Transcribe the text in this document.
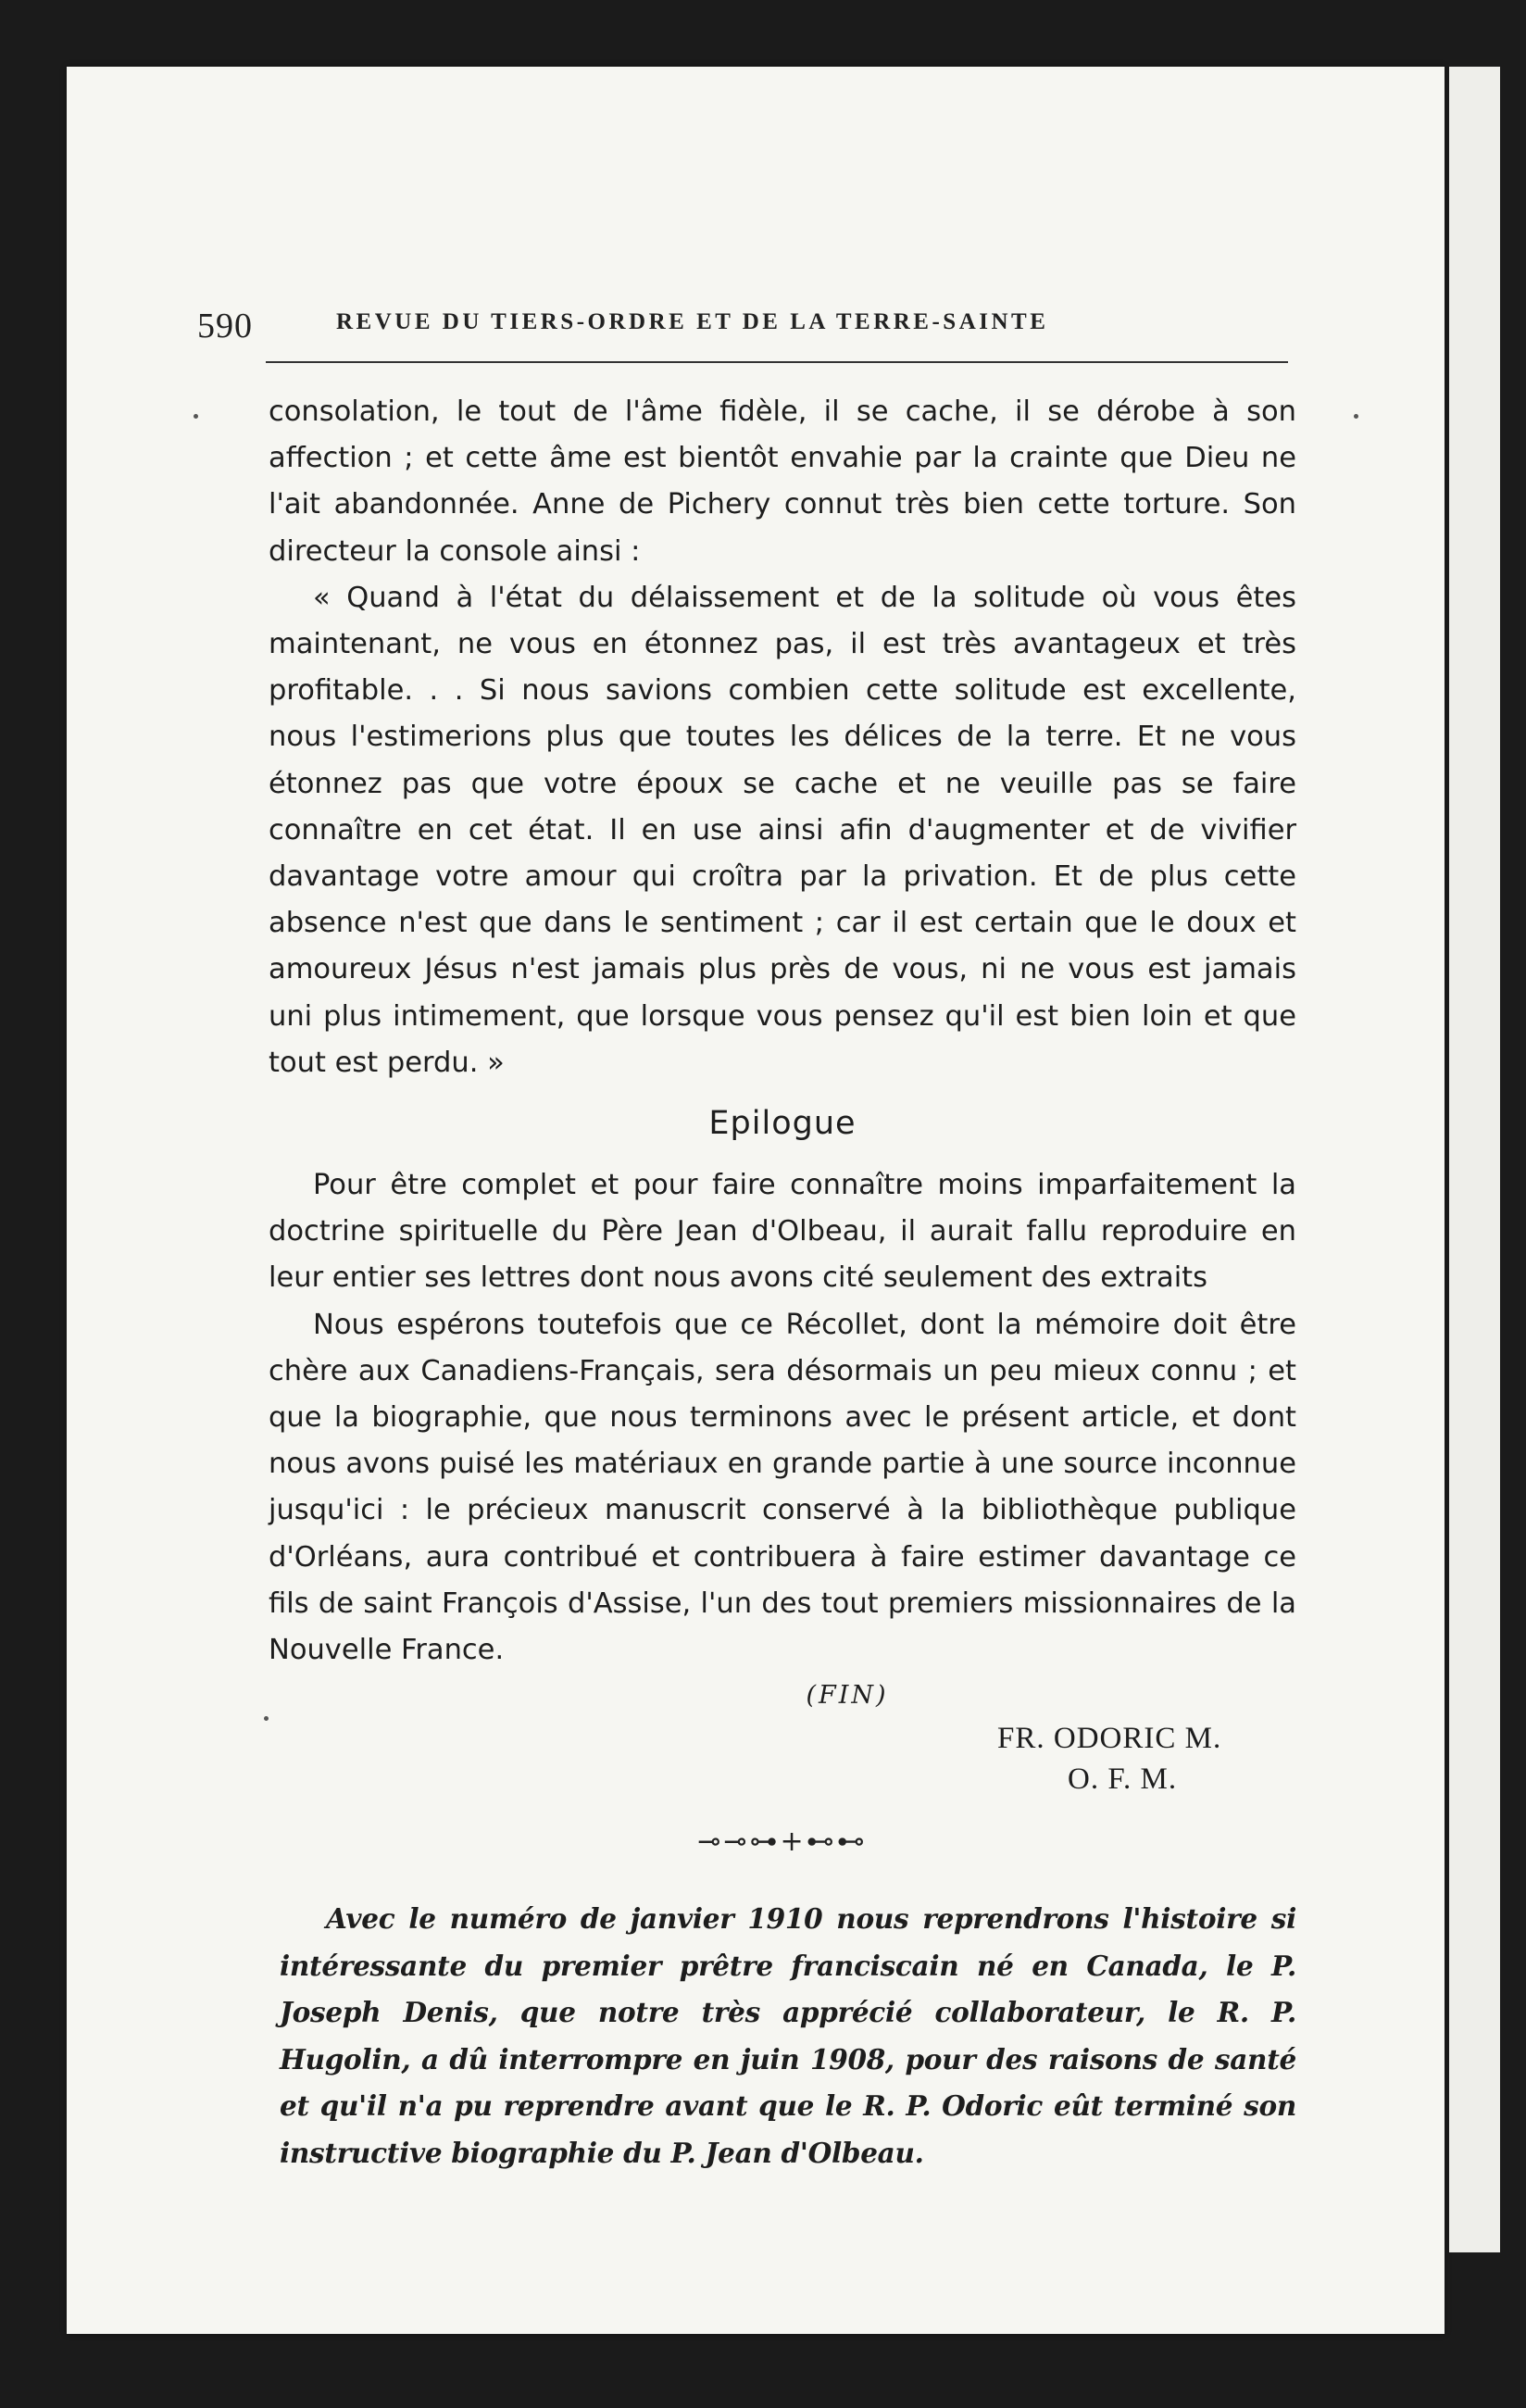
590	REVUE DU TIERS-ORDRE ET DE LA TERRE-SAINTE

consolation, le tout de l'âme fidèle, il se cache, il se dérobe à son affection ; et cette âme est bientôt envahie par la crainte que Dieu ne l'ait abandonnée. Anne de Pichery connut très bien cette torture. Son directeur la console ainsi :

« Quand à l'état du délaissement et de la solitude où vous êtes maintenant, ne vous en étonnez pas, il est très avantageux et très profitable. . . Si nous savions combien cette solitude est excellente, nous l'estimerions plus que toutes les délices de la terre. Et ne vous étonnez pas que votre époux se cache et ne veuille pas se faire connaître en cet état. Il en use ainsi afin d'augmenter et de vivifier davantage votre amour qui croîtra par la privation. Et de plus cette absence n'est que dans le sentiment ; car il est certain que le doux et amoureux Jésus n'est jamais plus près de vous, ni ne vous est jamais uni plus intimement, que lorsque vous pensez qu'il est bien loin et que tout est perdu. »

Epilogue

Pour être complet et pour faire connaître moins imparfaitement la doctrine spirituelle du Père Jean d'Olbeau, il aurait fallu reproduire en leur entier ses lettres dont nous avons cité seulement des extraits

Nous espérons toutefois que ce Récollet, dont la mémoire doit être chère aux Canadiens-Français, sera désormais un peu mieux connu ; et que la biographie, que nous terminons avec le présent article, et dont nous avons puisé les matériaux en grande partie à une source inconnue jusqu'ici : le précieux manuscrit conservé à la bibliothèque publique d'Orléans, aura contribué et contribuera à faire estimer davantage ce fils de saint François d'Assise, l'un des tout premiers missionnaires de la Nouvelle France.

(FIN)

FR. ODORIC M.

O. F. M.

⊸⊸⊶+⊷⊷

Avec le numéro de janvier 1910 nous reprendrons l'histoire si intéressante du premier prêtre franciscain né en Canada, le P. Joseph Denis, que notre très apprécié collaborateur, le R. P. Hugolin, a dû interrompre en juin 1908, pour des raisons de santé et qu'il n'a pu reprendre avant que le R. P. Odoric eût terminé son instructive biographie du P. Jean d'Olbeau.
